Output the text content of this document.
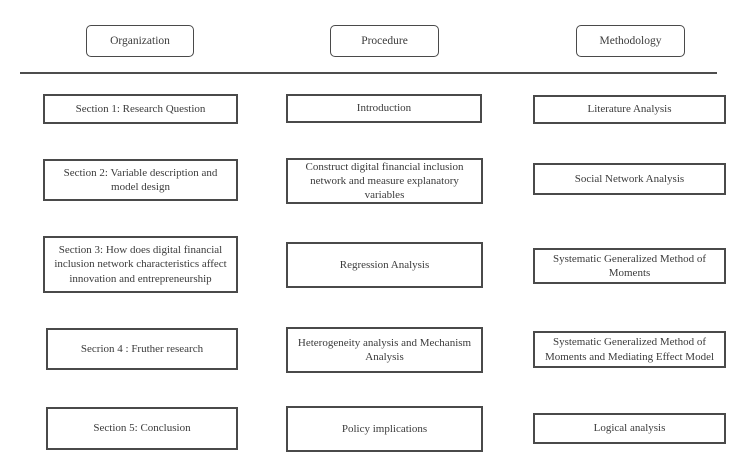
Organization	Procedure	Methodology
Section 1: Research Question
Section 2: Variable description and model design
Section 3: How does digital financial inclusion network characteristics affect innovation and entrepreneurship
Secrion 4 : Fruther research
Section 5: Conclusion
Introduction
Construct digital financial inclusion network and measure explanatory variables
Regression Analysis
Heterogeneity analysis and Mechanism Analysis
Policy implications
Literature Analysis
Social Network Analysis
Systematic Generalized Method of Moments
Systematic Generalized Method of Moments and Mediating Effect Model
Logical analysis
